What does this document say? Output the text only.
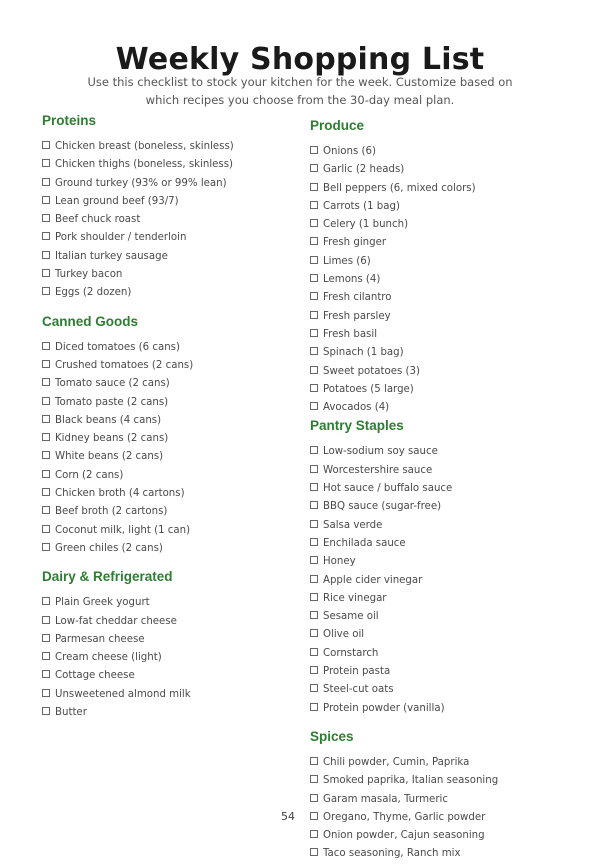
Weekly Shopping List
Use this checklist to stock your kitchen for the week. Customize based on which recipes you choose from the 30-day meal plan.
Proteins
Chicken breast (boneless, skinless)
Chicken thighs (boneless, skinless)
Ground turkey (93% or 99% lean)
Lean ground beef (93/7)
Beef chuck roast
Pork shoulder / tenderloin
Italian turkey sausage
Turkey bacon
Eggs (2 dozen)
Canned Goods
Diced tomatoes (6 cans)
Crushed tomatoes (2 cans)
Tomato sauce (2 cans)
Tomato paste (2 cans)
Black beans (4 cans)
Kidney beans (2 cans)
White beans (2 cans)
Corn (2 cans)
Chicken broth (4 cartons)
Beef broth (2 cartons)
Coconut milk, light (1 can)
Green chiles (2 cans)
Dairy & Refrigerated
Plain Greek yogurt
Low-fat cheddar cheese
Parmesan cheese
Cream cheese (light)
Cottage cheese
Unsweetened almond milk
Butter
Produce
Onions (6)
Garlic (2 heads)
Bell peppers (6, mixed colors)
Carrots (1 bag)
Celery (1 bunch)
Fresh ginger
Limes (6)
Lemons (4)
Fresh cilantro
Fresh parsley
Fresh basil
Spinach (1 bag)
Sweet potatoes (3)
Potatoes (5 large)
Avocados (4)
Pantry Staples
Low-sodium soy sauce
Worcestershire sauce
Hot sauce / buffalo sauce
BBQ sauce (sugar-free)
Salsa verde
Enchilada sauce
Honey
Apple cider vinegar
Rice vinegar
Sesame oil
Olive oil
Cornstarch
Protein pasta
Steel-cut oats
Protein powder (vanilla)
Spices
Chili powder, Cumin, Paprika
Smoked paprika, Italian seasoning
Garam masala, Turmeric
Oregano, Thyme, Garlic powder
Onion powder, Cajun seasoning
Taco seasoning, Ranch mix
54
